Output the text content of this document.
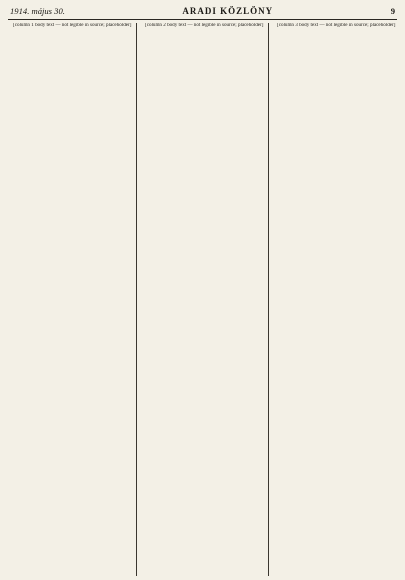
1914. május 30.	ARADI KÖZLÖNY	9

[column 1 body text — not legible in source; placeholder]	[column 2 body text — not legible in source; placeholder]	[column 3 body text — not legible in source; placeholder]
